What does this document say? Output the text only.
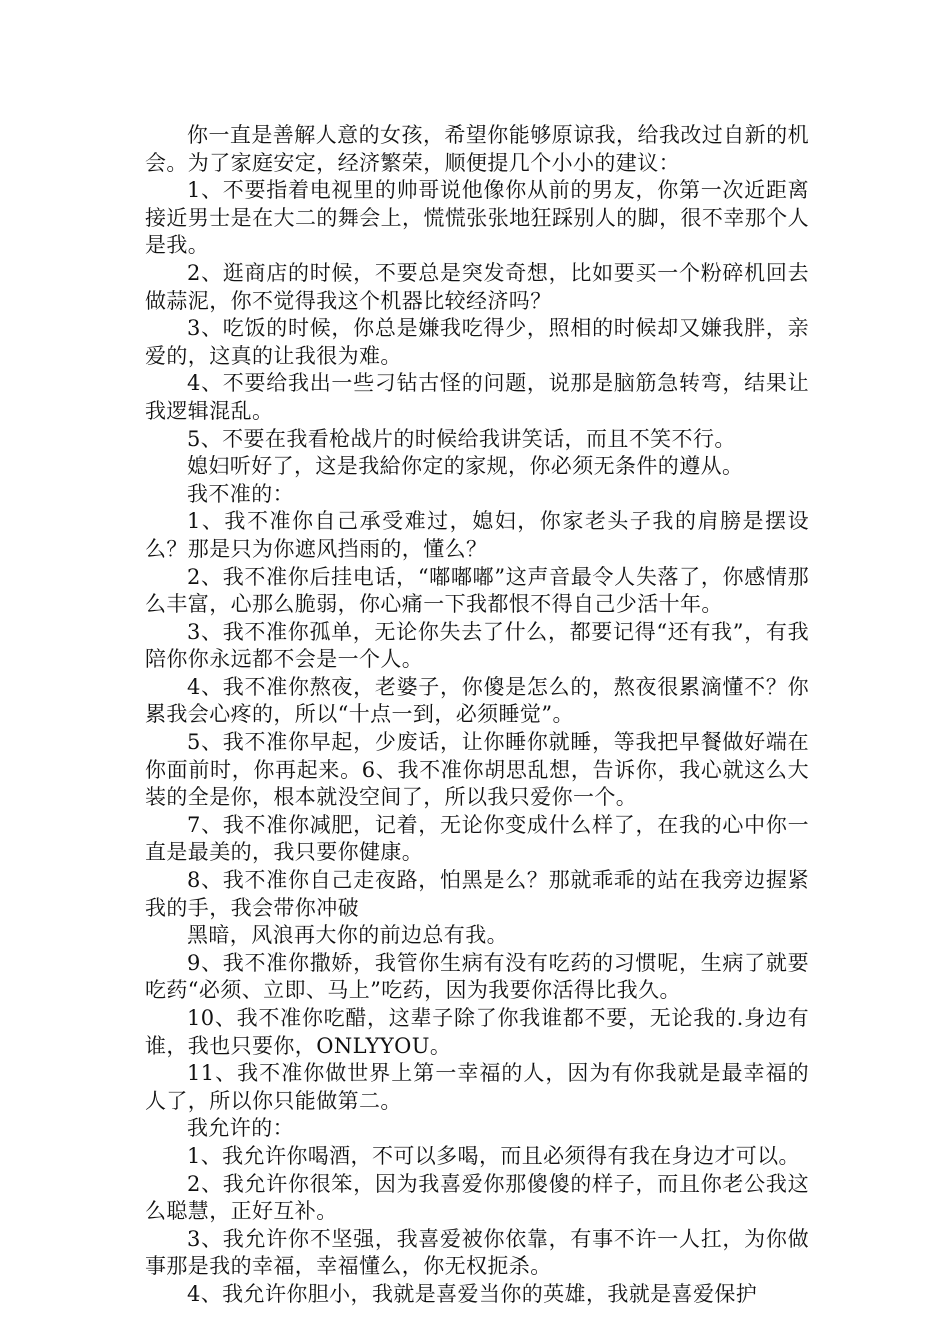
你一直是善解人意的女孩，希望你能够原谅我，给我改过自新的机会。为了家庭安定，经济繁荣，顺便提几个小小的建议：

1、不要指着电视里的帅哥说他像你从前的男友，你第一次近距离接近男士是在大二的舞会上，慌慌张张地狂踩别人的脚，很不幸那个人是我。

2、逛商店的时候，不要总是突发奇想，比如要买一个粉碎机回去做蒜泥，你不觉得我这个机器比较经济吗？

3、吃饭的时候，你总是嫌我吃得少，照相的时候却又嫌我胖，亲爱的，这真的让我很为难。

4、不要给我出一些刁钻古怪的问题，说那是脑筋急转弯，结果让我逻辑混乱。

5、不要在我看枪战片的时候给我讲笑话，而且不笑不行。

媳妇听好了，这是我給你定的家规，你必须无条件的遵从。

我不准的：

1、我不准你自己承受难过，媳妇，你家老头子我的肩膀是摆设么？那是只为你遮风挡雨的，懂么？

2、我不准你后挂电话，“嘟嘟嘟”这声音最令人失落了，你感情那么丰富，心那么脆弱，你心痛一下我都恨不得自己少活十年。

3、我不准你孤单，无论你失去了什么，都要记得“还有我”，有我陪你你永远都不会是一个人。

4、我不准你熬夜，老婆子，你傻是怎么的，熬夜很累滴懂不？你累我会心疼的，所以“十点一到，必须睡觉”。

5、我不准你早起，少废话，让你睡你就睡，等我把早餐做好端在你面前时，你再起来。6、我不准你胡思乱想，告诉你，我心就这么大装的全是你，根本就没空间了，所以我只爱你一个。

7、我不准你减肥，记着，无论你变成什么样了，在我的心中你一直是最美的，我只要你健康。

8、我不准你自己走夜路，怕黑是么？那就乖乖的站在我旁边握紧我的手，我会带你冲破

黑暗，风浪再大你的前边总有我。

9、我不准你撒娇，我管你生病有没有吃药的习惯呢，生病了就要吃药“必须、立即、马上”吃药，因为我要你活得比我久。

10、我不准你吃醋，这辈子除了你我谁都不要，无论我的.身边有谁，我也只要你，ONLYYOU。

11、我不准你做世界上第一幸福的人，因为有你我就是最幸福的人了，所以你只能做第二。

我允许的：

1、我允许你喝酒，不可以多喝，而且必须得有我在身边才可以。

2、我允许你很笨，因为我喜爱你那傻傻的样子，而且你老公我这么聪慧，正好互补。

3、我允许你不坚强，我喜爱被你依靠，有事不许一人扛，为你做事那是我的幸福，幸福懂么，你无权扼杀。

4、我允许你胆小，我就是喜爱当你的英雄，我就是喜爱保护
